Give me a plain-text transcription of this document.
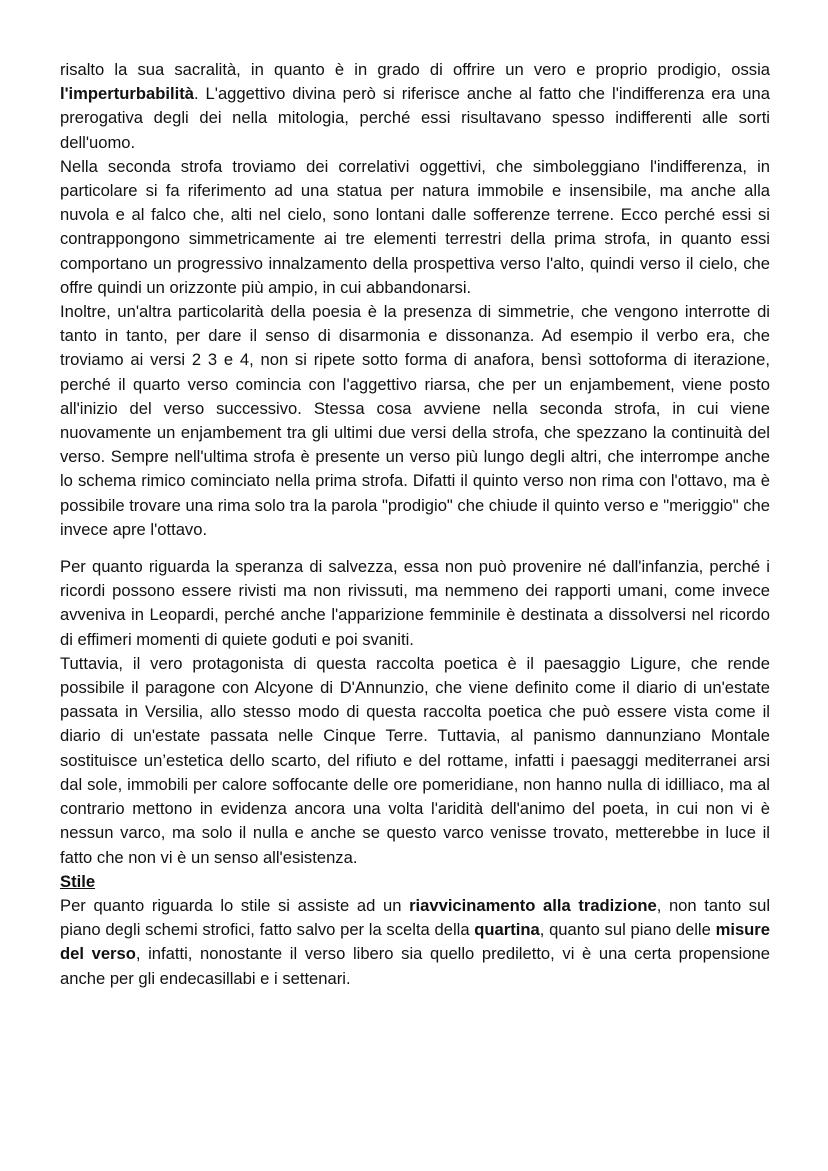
risalto la sua sacralità, in quanto è in grado di offrire un vero e proprio prodigio, ossia l'imperturbabilità. L'aggettivo divina però si riferisce anche al fatto che l'indifferenza era una prerogativa degli dei nella mitologia, perché essi risultavano spesso indifferenti alle sorti dell'uomo.

Nella seconda strofa troviamo dei correlativi oggettivi, che simboleggiano l'indifferenza, in particolare si fa riferimento ad una statua per natura immobile e insensibile, ma anche alla nuvola e al falco che, alti nel cielo, sono lontani dalle sofferenze terrene. Ecco perché essi si contrappongono simmetricamente ai tre elementi terrestri della prima strofa, in quanto essi comportano un progressivo innalzamento della prospettiva verso l'alto, quindi verso il cielo, che offre quindi un orizzonte più ampio, in cui abbandonarsi.

Inoltre, un'altra particolarità della poesia è la presenza di simmetrie, che vengono interrotte di tanto in tanto, per dare il senso di disarmonia e dissonanza. Ad esempio il verbo era, che troviamo ai versi 2 3 e 4, non si ripete sotto forma di anafora, bensì sottoforma di iterazione, perché il quarto verso comincia con l'aggettivo riarsa, che per un enjambement, viene posto all'inizio del verso successivo. Stessa cosa avviene nella seconda strofa, in cui viene nuovamente un enjambement tra gli ultimi due versi della strofa, che spezzano la continuità del verso. Sempre nell'ultima strofa è presente un verso più lungo degli altri, che interrompe anche lo schema rimico cominciato nella prima strofa. Difatti il quinto verso non rima con l'ottavo, ma è possibile trovare una rima solo tra la parola "prodigio" che chiude il quinto verso e "meriggio" che invece apre l'ottavo.

Per quanto riguarda la speranza di salvezza, essa non può provenire né dall'infanzia, perché i ricordi possono essere rivisti ma non rivissuti, ma nemmeno dei rapporti umani, come invece avveniva in Leopardi, perché anche l'apparizione femminile è destinata a dissolversi nel ricordo di effimeri momenti di quiete goduti e poi svaniti.

Tuttavia, il vero protagonista di questa raccolta poetica è il paesaggio Ligure, che rende possibile il paragone con Alcyone di D'Annunzio, che viene definito come il diario di un'estate passata in Versilia, allo stesso modo di questa raccolta poetica che può essere vista come il diario di un'estate passata nelle Cinque Terre. Tuttavia, al panismo dannunziano Montale sostituisce un’estetica dello scarto, del rifiuto e del rottame, infatti i paesaggi mediterranei arsi dal sole, immobili per calore soffocante delle ore pomeridiane, non hanno nulla di idilliaco, ma al contrario mettono in evidenza ancora una volta l'aridità dell'animo del poeta, in cui non vi è nessun varco, ma solo il nulla e anche se questo varco venisse trovato, metterebbe in luce il fatto che non vi è un senso all'esistenza.

Stile

Per quanto riguarda lo stile si assiste ad un riavvicinamento alla tradizione, non tanto sul piano degli schemi strofici, fatto salvo per la scelta della quartina, quanto sul piano delle misure del verso, infatti, nonostante il verso libero sia quello prediletto, vi è una certa propensione anche per gli endecasillabi e i settenari.
